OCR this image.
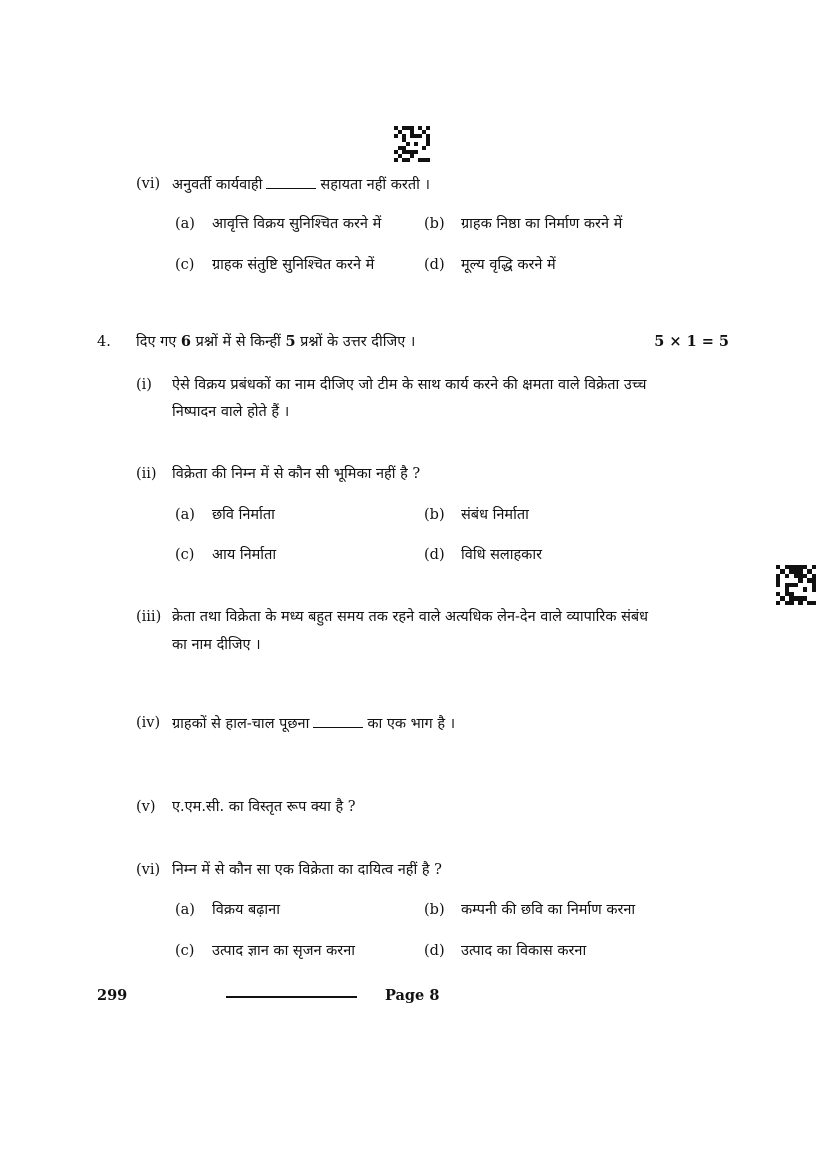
(vi) अनुवर्ती कार्यवाही	सहायता नहीं करती ।
(a) आवृत्ति विक्रय सुनिश्चित करने में	(b) ग्राहक निष्ठा का निर्माण करने में
(c) ग्राहक संतुष्टि सुनिश्चित करने में	(d) मूल्य वृद्धि करने में
4. दिए गए 6 प्रश्नों में से किन्हीं 5 प्रश्नों के उत्तर दीजिए ।	5 × 1 = 5
(i) ऐसे विक्रय प्रबंधकों का नाम दीजिए जो टीम के साथ कार्य करने की क्षमता वाले विक्रेता उच्च
निष्पादन वाले होते हैं ।
(ii) विक्रेता की निम्न में से कौन सी भूमिका नहीं है ?
(a) छवि निर्माता	(b) संबंध निर्माता
(c) आय निर्माता	(d) विधि सलाहकार
(iii) क्रेता तथा विक्रेता के मध्य बहुत समय तक रहने वाले अत्यधिक लेन-देन वाले व्यापारिक संबंध
का नाम दीजिए ।
(iv) ग्राहकों से हाल-चाल पूछना	का एक भाग है ।
(v) ए.एम.सी. का विस्तृत रूप क्या है ?
(vi) निम्न में से कौन सा एक विक्रेता का दायित्व नहीं है ?
(a) विक्रय बढ़ाना	(b) कम्पनी की छवि का निर्माण करना
(c) उत्पाद ज्ञान का सृजन करना	(d) उत्पाद का विकास करना
299	Page 8
